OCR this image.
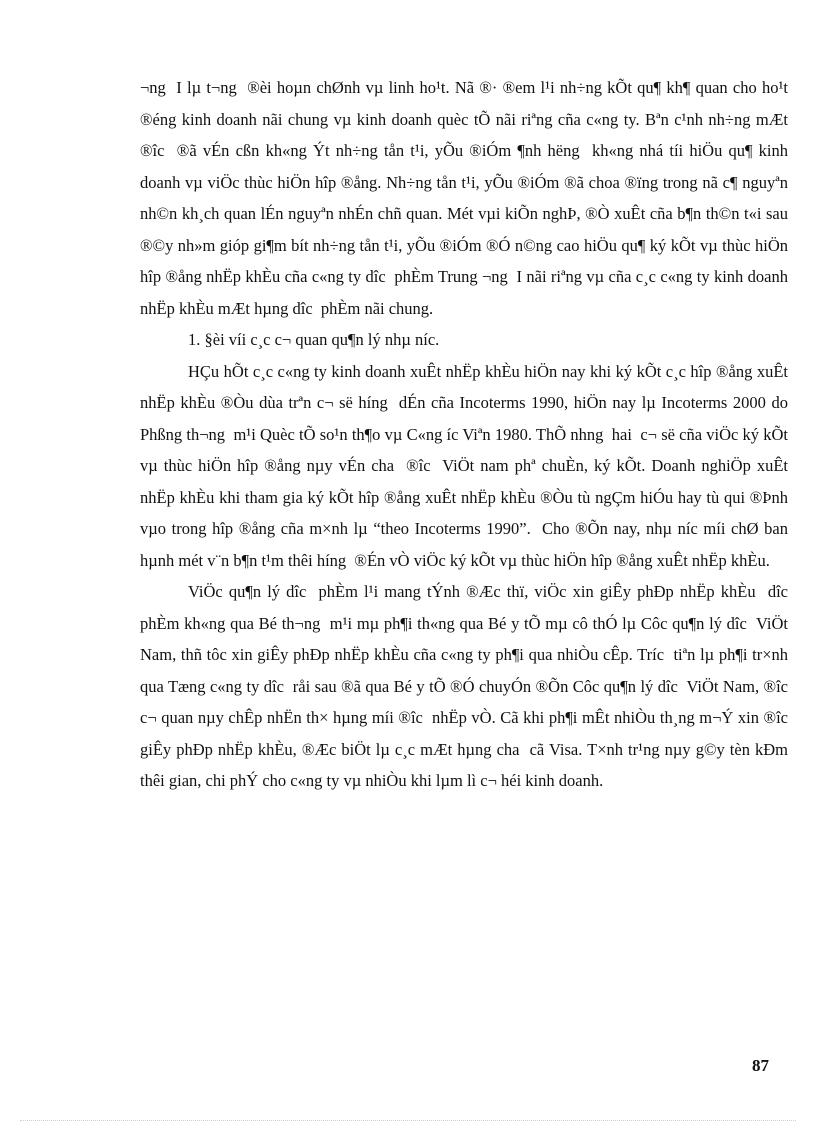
¬ng  I lµ t¬ng  ®èi hoµn chØnh vµ linh ho¹t. Nã ®· ®em l¹i nh÷ng kÕt qu¶ kh¶ quan cho ho¹t ®éng kinh doanh nãi chung vµ kinh doanh quèc tÕ nãi riªng cña c«ng ty. Bªn c¹nh nh÷ng mÆt ®îc  ®ã vÉn cßn kh«ng Ýt nh÷ng tån t¹i, yÕu ®iÓm ¶nh hëng  kh«ng nhá tíi hiÖu qu¶ kinh doanh vµ viÖc thùc hiÖn hîp ®ång. Nh÷ng tån t¹i, yÕu ®iÓm ®ã choa ®ïng trong nã c¶ nguyªn nh©n kh¸ch quan lÉn nguyªn nhÉn chñ quan. Mét vµi kiÕn nghÞ, ®Ò xuÊt cña b¶n th©n t«i sau ®©y nh»m gióp gi¶m bít nh÷ng tån t¹i, yÕu ®iÓm ®Ó n©ng cao hiÖu qu¶ ký kÕt vµ thùc hiÖn hîp ®ång nhËp khÈu cña c«ng ty dîc  phÈm Trung ¬ng  I nãi riªng vµ cña c¸c c«ng ty kinh doanh nhËp khÈu mÆt hµng dîc  phÈm nãi chung.

1. §èi víi c¸c c¬ quan qu¶n lý nhµ níc.

HÇu hÕt c¸c c«ng ty kinh doanh xuÊt nhËp khÈu hiÖn nay khi ký kÕt c¸c hîp ®ång xuÊt nhËp khÈu ®Òu dùa trªn c¬ së híng  dÉn cña Incoterms 1990, hiÖn nay lµ Incoterms 2000 do Phßng th¬ng  m¹i Quèc tÕ so¹n th¶o vµ C«ng íc Viªn 1980. ThÕ nhng  hai  c¬ së cña viÖc ký kÕt vµ thùc hiÖn hîp ®ång nµy vÉn cha  ®îc  ViÖt nam phª chuÈn, ký kÕt. Doanh nghiÖp xuÊt nhËp khÈu khi tham gia ký kÕt hîp ®ång xuÊt nhËp khÈu ®Òu tù ngÇm hiÓu hay tù qui ®Þnh vµo trong hîp ®ång cña m×nh lµ “theo Incoterms 1990”.  Cho ®Õn nay, nhµ níc míi chØ ban hµnh mét v¨n b¶n t¹m thêi híng  ®Én vÒ viÖc ký kÕt vµ thùc hiÖn hîp ®ång xuÊt nhËp khÈu.

ViÖc qu¶n lý dîc  phÈm l¹i mang tÝnh ®Æc thï, viÖc xin giÊy phÐp nhËp khÈu  dîc  phÈm kh«ng qua Bé th¬ng  m¹i mµ ph¶i th«ng qua Bé y tÕ mµ cô thÓ lµ Côc qu¶n lý dîc  ViÖt Nam, thñ tôc xin giÊy phÐp nhËp khÈu cña c«ng ty ph¶i qua nhiÒu cÊp. Tríc  tiªn lµ ph¶i tr×nh qua Tæng c«ng ty dîc  råi sau ®ã qua Bé y tÕ ®Ó chuyÓn ®Õn Côc qu¶n lý dîc  ViÖt Nam, ®îc  c¬ quan nµy chÊp nhËn th× hµng míi ®îc  nhËp vÒ. Cã khi ph¶i mÊt nhiÒu th¸ng m¬Ý xin ®îc  giÊy phÐp nhËp khÈu, ®Æc biÖt lµ c¸c mÆt hµng cha  cã Visa. T×nh tr¹ng nµy g©y tèn kÐm thêi gian, chi phÝ cho c«ng ty vµ nhiÒu khi lµm lì c¬ héi kinh doanh.

87
